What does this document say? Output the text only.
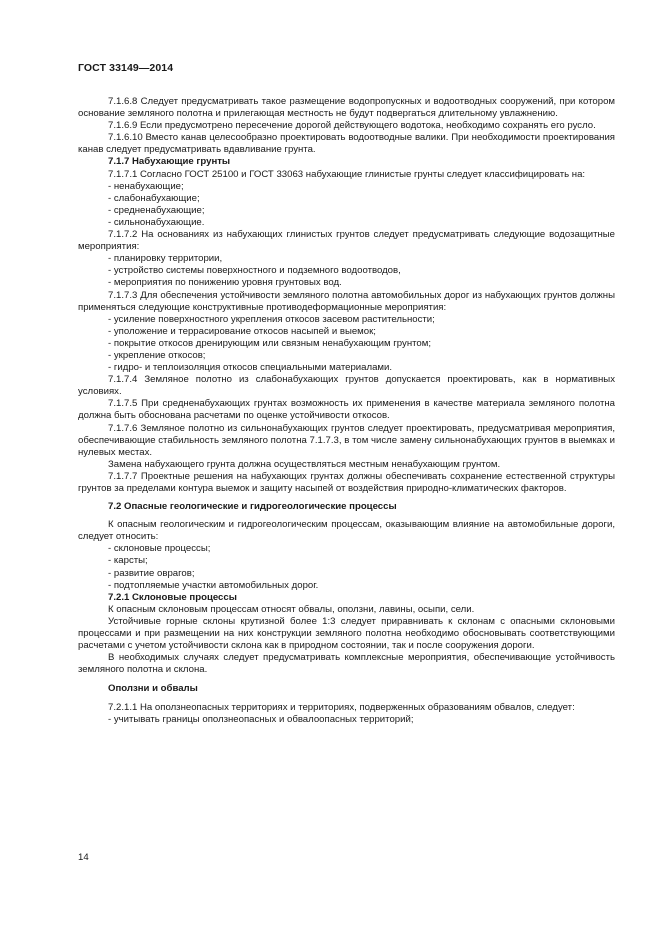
ГОСТ 33149—2014

7.1.6.8 Следует предусматривать такое размещение водопропускных и водоотводных сооружений, при котором основание земляного полотна и прилегающая местность не будут подвергаться длительному увлажнению.

7.1.6.9 Если предусмотрено пересечение дорогой действующего водотока, необходимо сохранять его русло.

7.1.6.10 Вместо канав целесообразно проектировать водоотводные валики. При необходимости проектирования канав следует предусматривать вдавливание грунта.

7.1.7 Набухающие грунты

7.1.7.1 Согласно ГОСТ 25100 и ГОСТ 33063 набухающие глинистые грунты следует классифицировать на:

- ненабухающие;

- слабонабухающие;

- средненабухающие;

- сильнонабухающие.

7.1.7.2 На основаниях из набухающих глинистых грунтов следует предусматривать следующие водозащитные мероприятия:

- планировку территории,

- устройство системы поверхностного и подземного водоотводов,

- мероприятия по понижению уровня грунтовых вод.

7.1.7.3 Для обеспечения устойчивости земляного полотна автомобильных дорог из набухающих грунтов должны применяться следующие конструктивные противодеформационные мероприятия:

- усиление поверхностного укрепления откосов засевом растительности;

- уположение и террасирование откосов насыпей и выемок;

- покрытие откосов дренирующим или связным ненабухающим грунтом;

- укрепление откосов;

- гидро- и теплоизоляция откосов специальными материалами.

7.1.7.4 Земляное полотно из слабонабухающих грунтов допускается проектировать, как в нормативных условиях.

7.1.7.5 При средненабухающих грунтах возможность их применения в качестве материала земляного полотна должна быть обоснована расчетами по оценке устойчивости откосов.

7.1.7.6 Земляное полотно из сильнонабухающих грунтов следует проектировать, предусматривая мероприятия, обеспечивающие стабильность земляного полотна 7.1.7.3, в том числе замену сильнонабухающих грунтов в выемках и нулевых местах.

Замена набухающего грунта должна осуществляться местным ненабухающим грунтом.

7.1.7.7 Проектные решения на набухающих грунтах должны обеспечивать сохранение естественной структуры грунтов за пределами контура выемок и защиту насыпей от воздействия природно-климатических факторов.

7.2 Опасные геологические и гидрогеологические процессы

К опасным геологическим и гидрогеологическим процессам, оказывающим влияние на автомобильные дороги, следует относить:

- склоновые процессы;

- карсты;

- развитие оврагов;

- подтопляемые участки автомобильных дорог.

7.2.1 Склоновые процессы

К опасным склоновым процессам относят обвалы, оползни, лавины, осыпи, сели.

Устойчивые горные склоны крутизной более 1:3 следует приравнивать к склонам с опасными склоновыми процессами и при размещении на них конструкции земляного полотна необходимо обосновывать соответствующими расчетами с учетом устойчивости склона как в природном состоянии, так и после сооружения дороги.

В необходимых случаях следует предусматривать комплексные мероприятия, обеспечивающие устойчивость земляного полотна и склона.

Оползни и обвалы

7.2.1.1 На оползнеопасных территориях и территориях, подверженных образованиям обвалов, следует:

- учитывать границы оползнеопасных и обвалоопасных территорий;

14
